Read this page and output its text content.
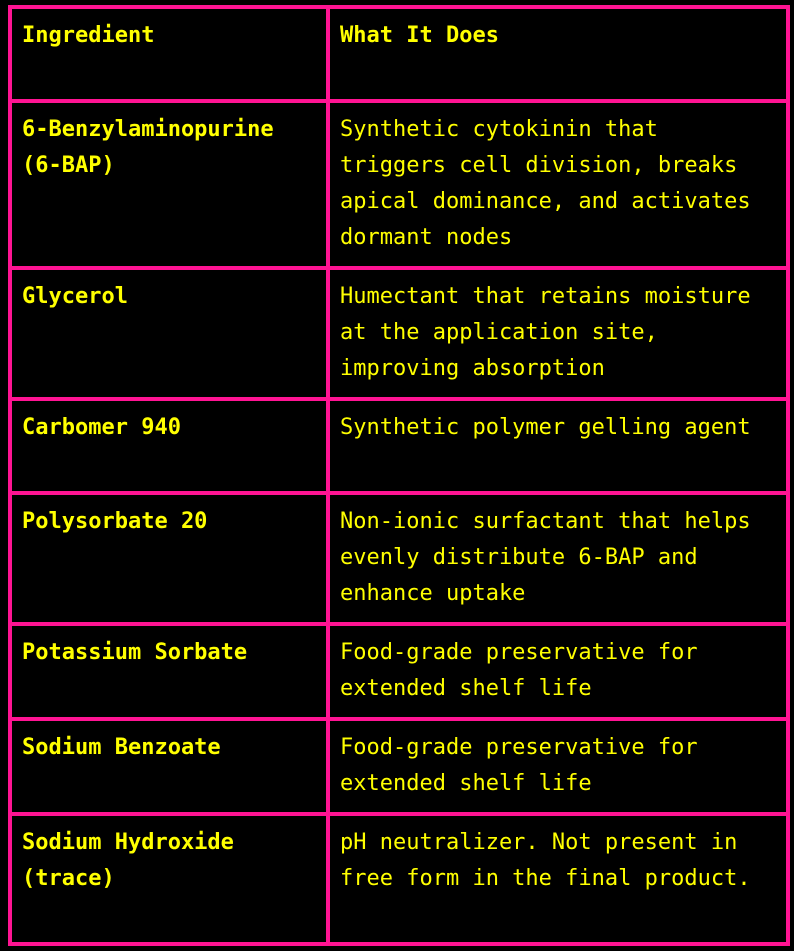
Ingredient	What It Does
6-Benzylaminopurine (6-BAP)	Synthetic cytokinin that triggers cell division, breaks apical dominance, and activates dormant nodes
Glycerol	Humectant that retains moisture at the application site, improving absorption
Carbomer 940	Synthetic polymer gelling agent
Polysorbate 20	Non-ionic surfactant that helps evenly distribute 6-BAP and enhance uptake
Potassium Sorbate	Food-grade preservative for extended shelf life
Sodium Benzoate	Food-grade preservative for extended shelf life
Sodium Hydroxide (trace)	pH neutralizer. Not present in free form in the final product.
